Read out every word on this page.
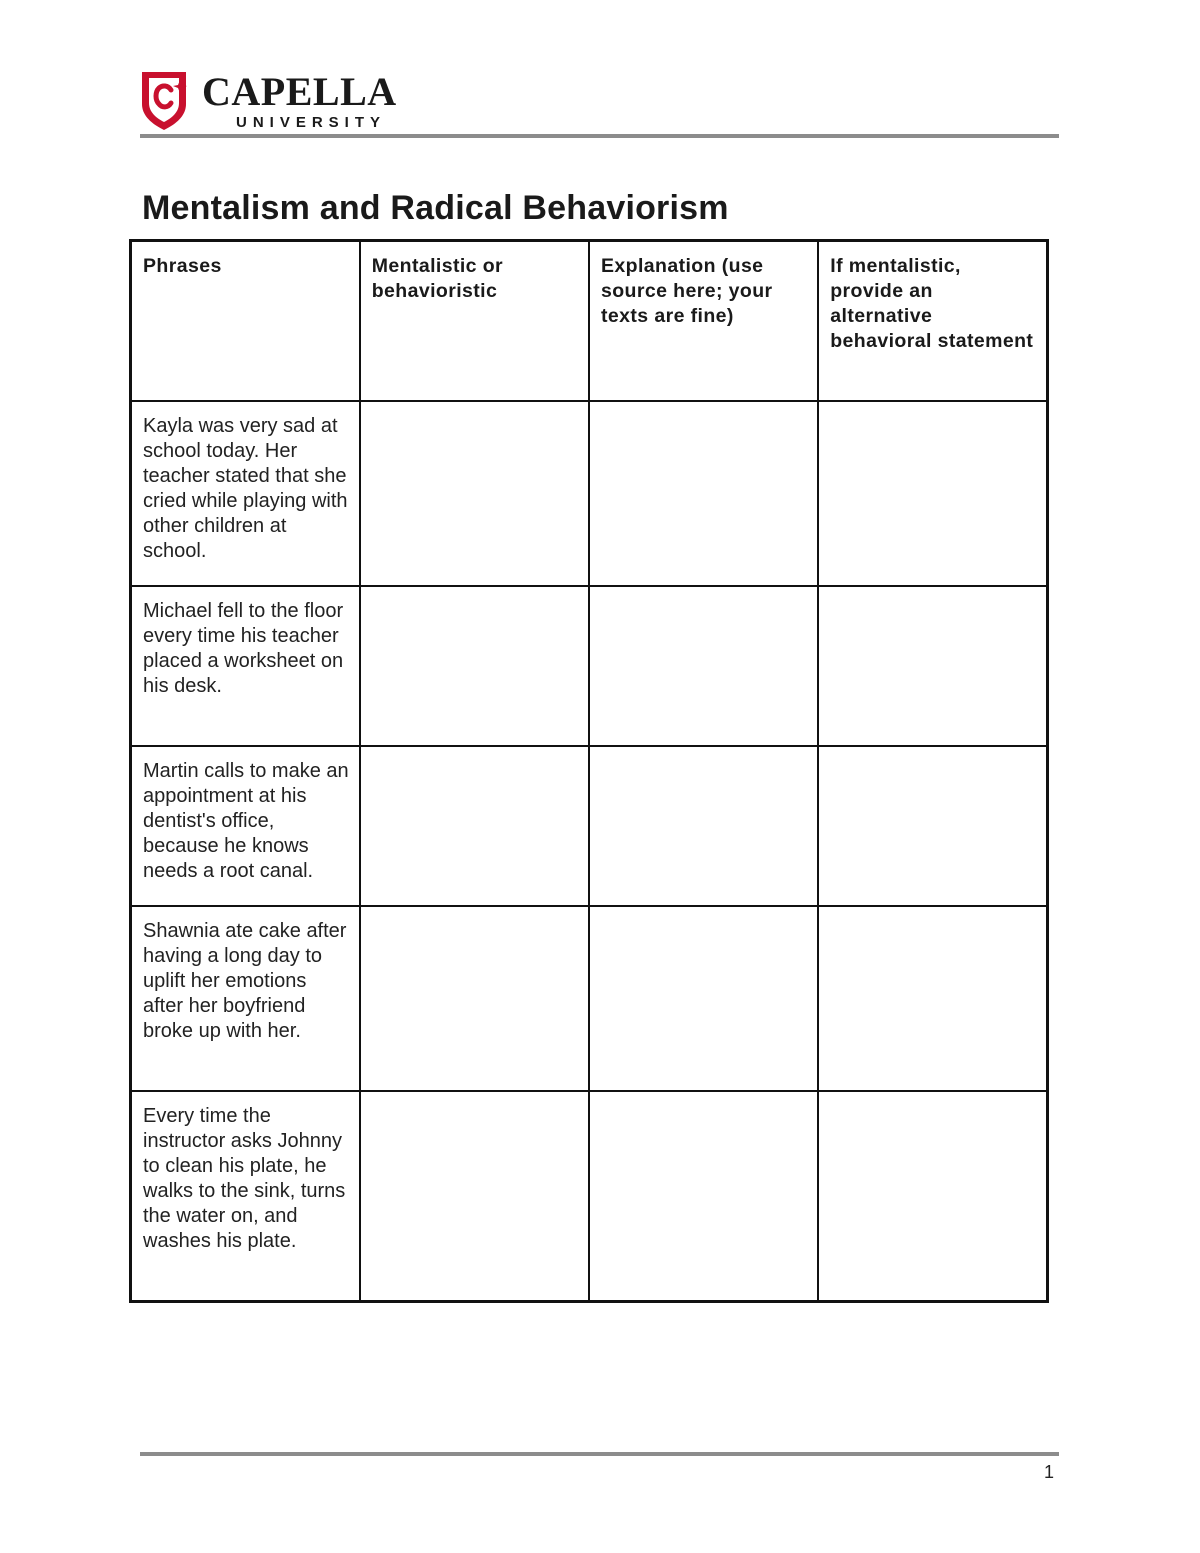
CAPELLA
UNIVERSITY
Mentalism and Radical Behaviorism
Phrases	Mentalistic or behavioristic	Explanation (use source here; your texts are fine)	If mentalistic, provide an alternative behavioral statement
Kayla was very sad at school today. Her teacher stated that she cried while playing with other children at school.			
Michael fell to the floor every time his teacher placed a worksheet on his desk.			
Martin calls to make an appointment at his dentist's office, because he knows needs a root canal.			
Shawnia ate cake after having a long day to uplift her emotions after her boyfriend broke up with her.			
Every time the instructor asks Johnny to clean his plate, he walks to the sink, turns the water on, and washes his plate.			
1
